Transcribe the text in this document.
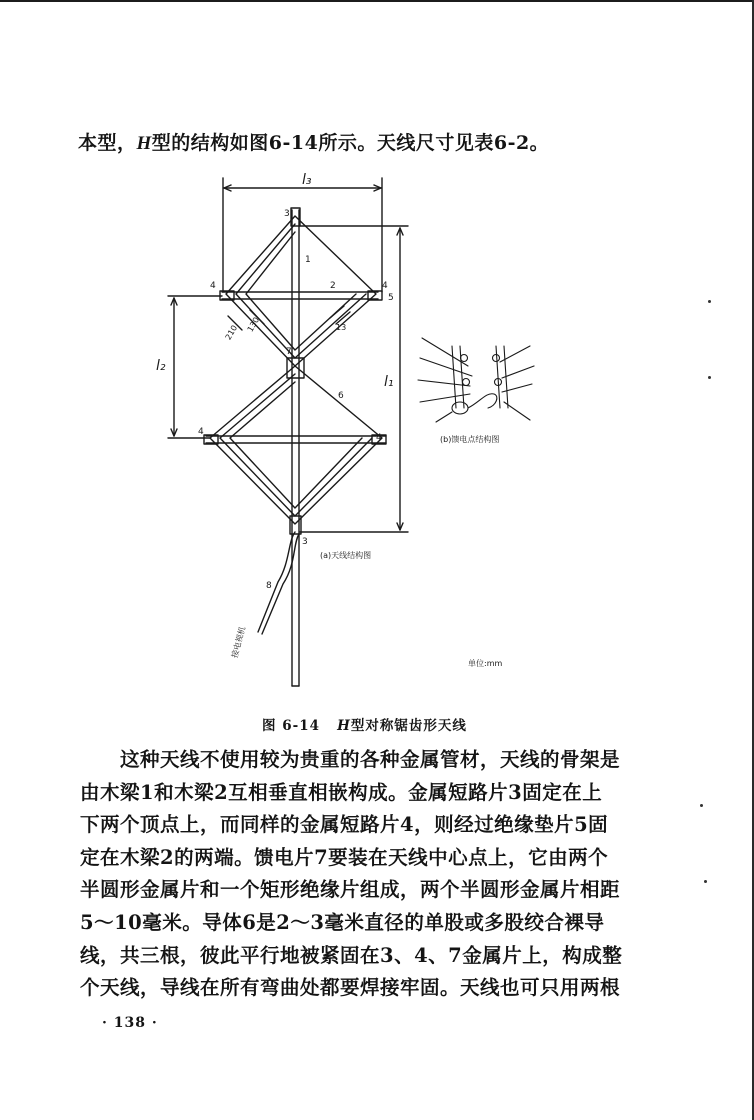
本型，H型的结构如图6-14所示。天线尺寸见表6-2。

l₃
l₂
l₁
3
1
4	2	4
5
210 130	13
7
6
4
4
3
8
(a)天线结构图
(b)馈电点结构图
接电视机
单位:mm

图 6-14 H型对称锯齿形天线

这种天线不使用较为贵重的各种金属管材，天线的骨架是
由木梁1和木梁2互相垂直相嵌构成。金属短路片3固定在上
下两个顶点上，而同样的金属短路片4，则经过绝缘垫片5固
定在木梁2的两端。馈电片7要装在天线中心点上，它由两个
半圆形金属片和一个矩形绝缘片组成，两个半圆形金属片相距
5～10毫米。导体6是2～3毫米直径的单股或多股绞合裸导
线，共三根，彼此平行地被紧固在3、4、7金属片上，构成整
个天线，导线在所有弯曲处都要焊接牢固。天线也可只用两根
· 138 ·
